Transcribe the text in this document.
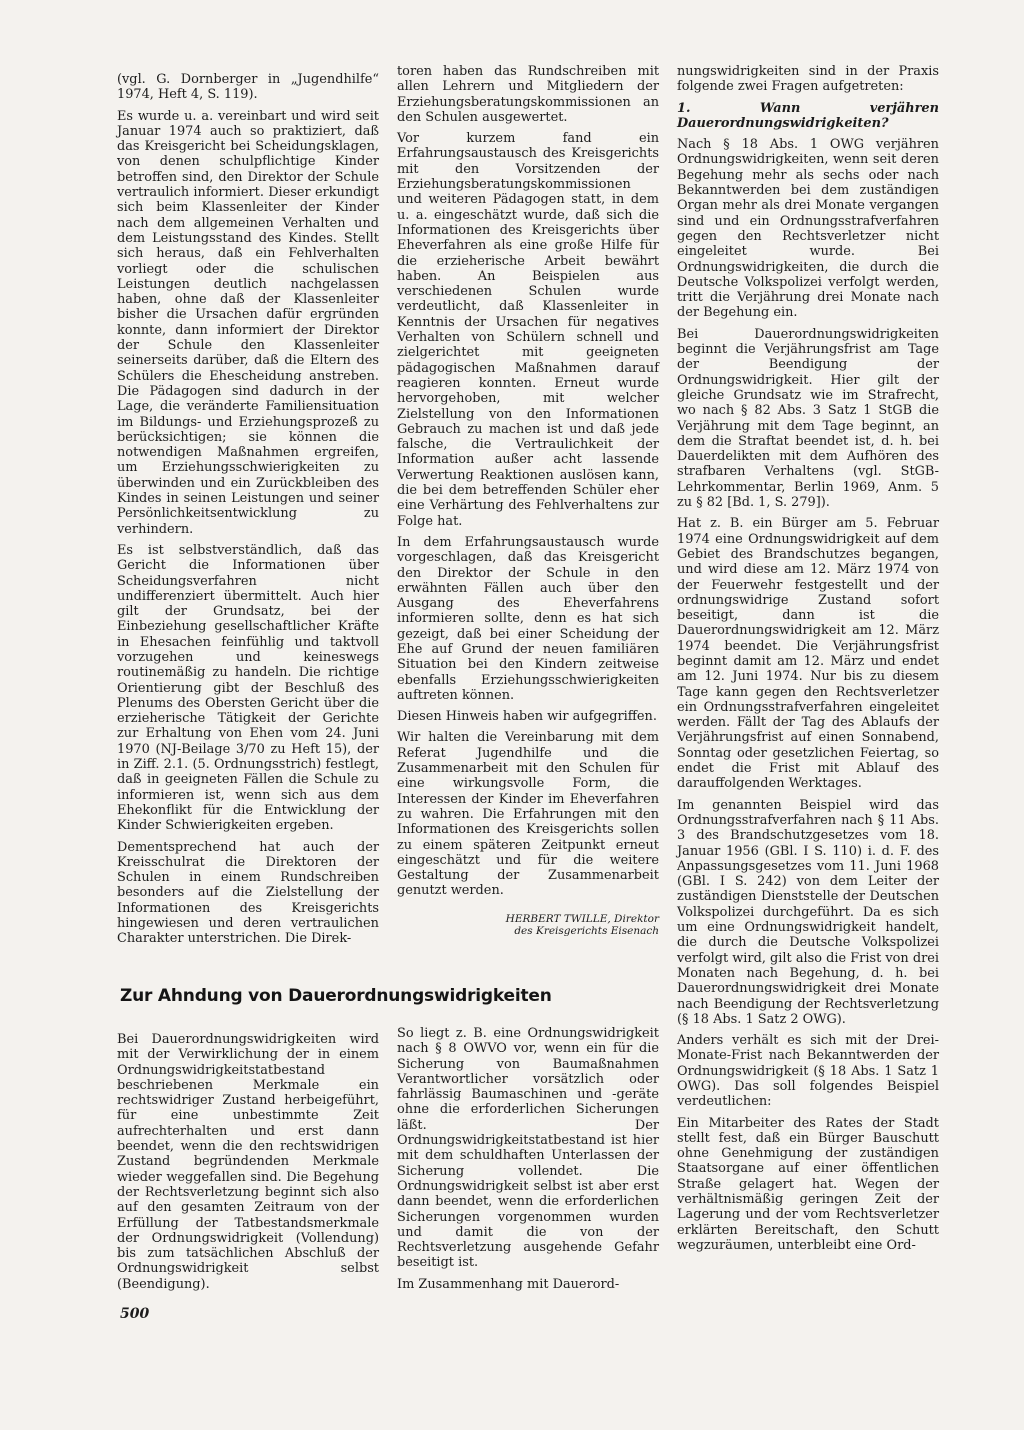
(vgl. G. Dornberger in „Jugendhilfe“ 1974, Heft 4, S. 119).

Es wurde u. a. vereinbart und wird seit Januar 1974 auch so praktiziert, daß das Kreisgericht bei Scheidungsklagen, von denen schulpflichtige Kinder betroffen sind, den Direktor der Schule vertraulich informiert. Dieser erkundigt sich beim Klassenleiter der Kinder nach dem allgemeinen Verhalten und dem Leistungsstand des Kindes. Stellt sich heraus, daß ein Fehlverhalten vorliegt oder die schulischen Leistungen deutlich nachgelassen haben, ohne daß der Klassenleiter bisher die Ursachen dafür ergründen konnte, dann informiert der Direktor der Schule den Klassenleiter seinerseits darüber, daß die Eltern des Schülers die Ehescheidung anstreben. Die Pädagogen sind dadurch in der Lage, die veränderte Familiensituation im Bildungs- und Erziehungsprozeß zu berücksichtigen; sie können die notwendigen Maßnahmen ergreifen, um Erziehungsschwierigkeiten zu überwinden und ein Zurückbleiben des Kindes in seinen Leistungen und seiner Persönlichkeitsentwicklung zu verhindern.

Es ist selbstverständlich, daß das Gericht die Informationen über Scheidungsverfahren nicht undifferenziert übermittelt. Auch hier gilt der Grundsatz, bei der Einbeziehung gesellschaftlicher Kräfte in Ehesachen feinfühlig und taktvoll vorzugehen und keineswegs routinemäßig zu handeln. Die richtige Orientierung gibt der Beschluß des Plenums des Obersten Gericht über die erzieherische Tätigkeit der Gerichte zur Erhaltung von Ehen vom 24. Juni 1970 (NJ-Beilage 3/70 zu Heft 15), der in Ziff. 2.1. (5. Ordnungsstrich) festlegt, daß in geeigneten Fällen die Schule zu informieren ist, wenn sich aus dem Ehekonflikt für die Entwicklung der Kinder Schwierigkeiten ergeben.

Dementsprechend hat auch der Kreisschulrat die Direktoren der Schulen in einem Rundschreiben besonders auf die Zielstellung der Informationen des Kreisgerichts hingewiesen und deren vertraulichen Charakter unterstrichen. Die Direk-

toren haben das Rundschreiben mit allen Lehrern und Mitgliedern der Erziehungsberatungskommissionen an den Schulen ausgewertet.

Vor kurzem fand ein Erfahrungsaustausch des Kreisgerichts mit den Vorsitzenden der Erziehungsberatungskommissionen und weiteren Pädagogen statt, in dem u. a. eingeschätzt wurde, daß sich die Informationen des Kreisgerichts über Eheverfahren als eine große Hilfe für die erzieherische Arbeit bewährt haben. An Beispielen aus verschiedenen Schulen wurde verdeutlicht, daß Klassenleiter in Kenntnis der Ursachen für negatives Verhalten von Schülern schnell und zielgerichtet mit geeigneten pädagogischen Maßnahmen darauf reagieren konnten. Erneut wurde hervorgehoben, mit welcher Zielstellung von den Informationen Gebrauch zu machen ist und daß jede falsche, die Vertraulichkeit der Information außer acht lassende Verwertung Reaktionen auslösen kann, die bei dem betreffenden Schüler eher eine Verhärtung des Fehlverhaltens zur Folge hat.

In dem Erfahrungsaustausch wurde vorgeschlagen, daß das Kreisgericht den Direktor der Schule in den erwähnten Fällen auch über den Ausgang des Eheverfahrens informieren sollte, denn es hat sich gezeigt, daß bei einer Scheidung der Ehe auf Grund der neuen familiären Situation bei den Kindern zeitweise ebenfalls Erziehungsschwierigkeiten auftreten können.

Diesen Hinweis haben wir aufgegriffen.

Wir halten die Vereinbarung mit dem Referat Jugendhilfe und die Zusammenarbeit mit den Schulen für eine wirkungsvolle Form, die Interessen der Kinder im Eheverfahren zu wahren. Die Erfahrungen mit den Informationen des Kreisgerichts sollen zu einem späteren Zeitpunkt erneut eingeschätzt und für die weitere Gestaltung der Zusammenarbeit genutzt werden.

HERBERT TWILLE, Direktor
des Kreisgerichts Eisenach

nungswidrigkeiten sind in der Praxis folgende zwei Fragen aufgetreten:

1. Wann verjähren Dauerordnungswidrigkeiten?

Nach § 18 Abs. 1 OWG verjähren Ordnungswidrigkeiten, wenn seit deren Begehung mehr als sechs oder nach Bekanntwerden bei dem zuständigen Organ mehr als drei Monate vergangen sind und ein Ordnungsstrafverfahren gegen den Rechtsverletzer nicht eingeleitet wurde. Bei Ordnungswidrigkeiten, die durch die Deutsche Volkspolizei verfolgt werden, tritt die Verjährung drei Monate nach der Begehung ein.

Bei Dauerordnungswidrigkeiten beginnt die Verjährungsfrist am Tage der Beendigung der Ordnungswidrigkeit. Hier gilt der gleiche Grundsatz wie im Strafrecht, wo nach § 82 Abs. 3 Satz 1 StGB die Verjährung mit dem Tage beginnt, an dem die Straftat beendet ist, d. h. bei Dauerdelikten mit dem Aufhören des strafbaren Verhaltens (vgl. StGB-Lehrkommentar, Berlin 1969, Anm. 5 zu § 82 [Bd. 1, S. 279]).

Hat z. B. ein Bürger am 5. Februar 1974 eine Ordnungswidrigkeit auf dem Gebiet des Brandschutzes begangen, und wird diese am 12. März 1974 von der Feuerwehr festgestellt und der ordnungswidrige Zustand sofort beseitigt, dann ist die Dauerordnungswidrigkeit am 12. März 1974 beendet. Die Verjährungsfrist beginnt damit am 12. März und endet am 12. Juni 1974. Nur bis zu diesem Tage kann gegen den Rechtsverletzer ein Ordnungsstrafverfahren eingeleitet werden. Fällt der Tag des Ablaufs der Verjährungsfrist auf einen Sonnabend, Sonntag oder gesetzlichen Feiertag, so endet die Frist mit Ablauf des darauffolgenden Werktages.

Im genannten Beispiel wird das Ordnungsstrafverfahren nach § 11 Abs. 3 des Brandschutzgesetzes vom 18. Januar 1956 (GBl. I S. 110) i. d. F. des Anpassungsgesetzes vom 11. Juni 1968 (GBl. I S. 242) von dem Leiter der zuständigen Dienststelle der Deutschen Volkspolizei durchgeführt. Da es sich um eine Ordnungswidrigkeit handelt, die durch die Deutsche Volkspolizei verfolgt wird, gilt also die Frist von drei Monaten nach Begehung, d. h. bei Dauerordnungswidrigkeit drei Monate nach Beendigung der Rechtsverletzung (§ 18 Abs. 1 Satz 2 OWG).

Anders verhält es sich mit der Drei-Monate-Frist nach Bekanntwerden der Ordnungswidrigkeit (§ 18 Abs. 1 Satz 1 OWG). Das soll folgendes Beispiel verdeutlichen:

Ein Mitarbeiter des Rates der Stadt stellt fest, daß ein Bürger Bauschutt ohne Genehmigung der zuständigen Staatsorgane auf einer öffentlichen Straße gelagert hat. Wegen der verhältnismäßig geringen Zeit der Lagerung und der vom Rechtsverletzer erklärten Bereitschaft, den Schutt wegzuräumen, unterbleibt eine Ord-

Zur Ahndung von Dauerordnungswidrigkeiten

Bei Dauerordnungswidrigkeiten wird mit der Verwirklichung der in einem Ordnungswidrigkeitstatbestand beschriebenen Merkmale ein rechtswidriger Zustand herbeigeführt, für eine unbestimmte Zeit aufrechterhalten und erst dann beendet, wenn die den rechtswidrigen Zustand begründenden Merkmale wieder weggefallen sind. Die Begehung der Rechtsverletzung beginnt sich also auf den gesamten Zeitraum von der Erfüllung der Tatbestandsmerkmale der Ordnungswidrigkeit (Vollendung) bis zum tatsächlichen Abschluß der Ordnungswidrigkeit selbst (Beendigung).

So liegt z. B. eine Ordnungswidrigkeit nach § 8 OWVO vor, wenn ein für die Sicherung von Baumaßnahmen Verantwortlicher vorsätzlich oder fahrlässig Baumaschinen und -geräte ohne die erforderlichen Sicherungen läßt. Der Ordnungswidrigkeitstatbestand ist hier mit dem schuldhaften Unterlassen der Sicherung vollendet. Die Ordnungswidrigkeit selbst ist aber erst dann beendet, wenn die erforderlichen Sicherungen vorgenommen wurden und damit die von der Rechtsverletzung ausgehende Gefahr beseitigt ist.

Im Zusammenhang mit Dauerord-

500
